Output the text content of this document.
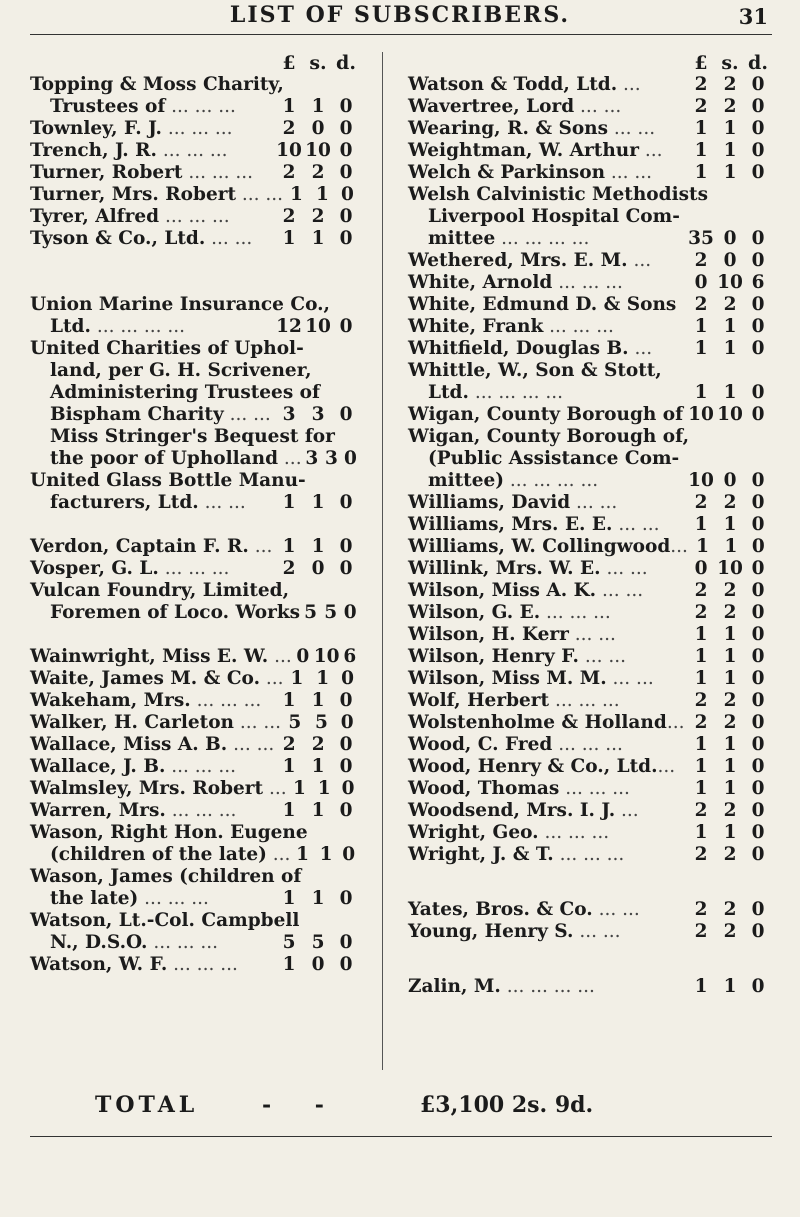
LIST OF SUBSCRIBERS.	31
£ s. d.
Topping & Moss Charity,
Trustees of ... ... ...	1 1 0
Townley, F. J. ... ... ...	2 0 0
Trench, J. R. ... ... ...	10 10 0
Turner, Robert ... ... ...	2 2 0
Turner, Mrs. Robert ... ... 1 1 0
Tyrer, Alfred ... ... ...	2 2 0
Tyson & Co., Ltd. ... ...	1 1 0
Union Marine Insurance Co.,
Ltd. ... ... ... ...	12 10 0
United Charities of Uphol-
land, per G. H. Scrivener,
Administering Trustees of
Bispham Charity ... ... 3 3 0
Miss Stringer's Bequest for
the poor of Upholland ... 3 3 0
United Glass Bottle Manu-
facturers, Ltd. ... ...	1 1 0
Verdon, Captain F. R. ... 1 1 0
Vosper, G. L. ... ... ...	2 0 0
Vulcan Foundry, Limited,
Foremen of Loco. Works 5 5 0
Wainwright, Miss E. W. ... 0 10 6
Waite, James M. & Co. ... 1 1 0
Wakeham, Mrs. ... ... ...	1 1 0
Walker, H. Carleton ... ... 5 5 0
Wallace, Miss A. B. ... ... 2 2 0
Wallace, J. B. ... ... ...	1 1 0
Walmsley, Mrs. Robert ... 1 1 0
Warren, Mrs. ... ... ...	1 1 0
Wason, Right Hon. Eugene
(children of the late) ... 1 1 0
Wason, James (children of
the late) ... ... ...	1 1 0
Watson, Lt.-Col. Campbell
N., D.S.O. ... ... ...	5 5 0
Watson, W. F. ... ... ...	1 0 0
£ s. d.
Watson & Todd, Ltd. ...	2 2 0
Wavertree, Lord ... ...	2 2 0
Wearing, R. & Sons ... ...	1 1 0
Weightman, W. Arthur ...	1 1 0
Welch & Parkinson ... ...	1 1 0
Welsh Calvinistic Methodists
Liverpool Hospital Com-
mittee ... ... ... ...	35 0 0
Wethered, Mrs. E. M. ...	2 0 0
White, Arnold ... ... ...	0 10 6
White, Edmund D. & Sons 2 2 0
White, Frank ... ... ...	1 1 0
Whitfield, Douglas B. ...	1 1 0
Whittle, W., Son & Stott,
Ltd. ... ... ... ...	1 1 0
Wigan, County Borough of 10 10 0
Wigan, County Borough of,
(Public Assistance Com-
mittee) ... ... ... ...	10 0 0
Williams, David ... ...	2 2 0
Williams, Mrs. E. E. ... ...	1 1 0
Williams, W. Collingwood... 1 1 0
Willink, Mrs. W. E. ... ...	0 10 0
Wilson, Miss A. K. ... ...	2 2 0
Wilson, G. E. ... ... ...	2 2 0
Wilson, H. Kerr ... ...	1 1 0
Wilson, Henry F. ... ...	1 1 0
Wilson, Miss M. M. ... ...	1 1 0
Wolf, Herbert ... ... ...	2 2 0
Wolstenholme & Holland... 2 2 0
Wood, C. Fred ... ... ...	1 1 0
Wood, Henry & Co., Ltd....	1 1 0
Wood, Thomas ... ... ...	1 1 0
Woodsend, Mrs. I. J. ...	2 2 0
Wright, Geo. ... ... ...	1 1 0
Wright, J. & T. ... ... ...	2 2 0
Yates, Bros. & Co. ... ...	2 2 0
Young, Henry S. ... ...	2 2 0
Zalin, M. ... ... ... ...	1 1 0
TOTAL	- -	£3,100 2s. 9d.
